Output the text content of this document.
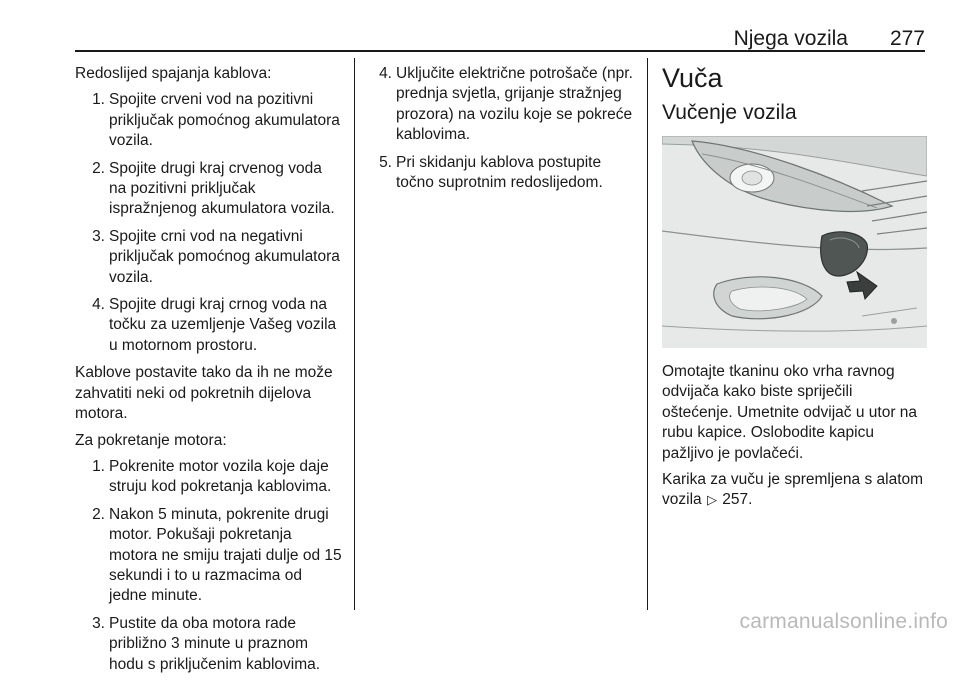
Njega vozila 277

Redoslijed spajanja kablova:

1. Spojite crveni vod na pozitivni priključak pomoćnog akumulatora vozila.
2. Spojite drugi kraj crvenog voda na pozitivni priključak ispražnjenog akumulatora vozila.
3. Spojite crni vod na negativni priključak pomoćnog akumulatora vozila.
4. Spojite drugi kraj crnog voda na točku za uzemljenje Vašeg vozila u motornom prostoru.

Kablove postavite tako da ih ne može zahvatiti neki od pokretnih dijelova motora.

Za pokretanje motora:

1. Pokrenite motor vozila koje daje struju kod pokretanja kablovima.
2. Nakon 5 minuta, pokrenite drugi motor. Pokušaji pokretanja motora ne smiju trajati dulje od 15 sekundi i to u razmacima od jedne minute.
3. Pustite da oba motora rade približno 3 minute u praznom hodu s priključenim kablovima.
4. Uključite električne potrošače (npr. prednja svjetla, grijanje stražnjeg prozora) na vozilu koje se pokreće kablovima.
5. Pri skidanju kablova postupite točno suprotnim redoslijedom.
Vuča
Vučenje vozila

Omotajte tkaninu oko vrha ravnog odvijača kako biste spriječili oštećenje. Umetnite odvijač u utor na rubu kapice. Oslobodite kapicu pažljivo je povlačeći.

Karika za vuču je spremljena s alatom vozila ▷ 257.

carmanualsonline.info
